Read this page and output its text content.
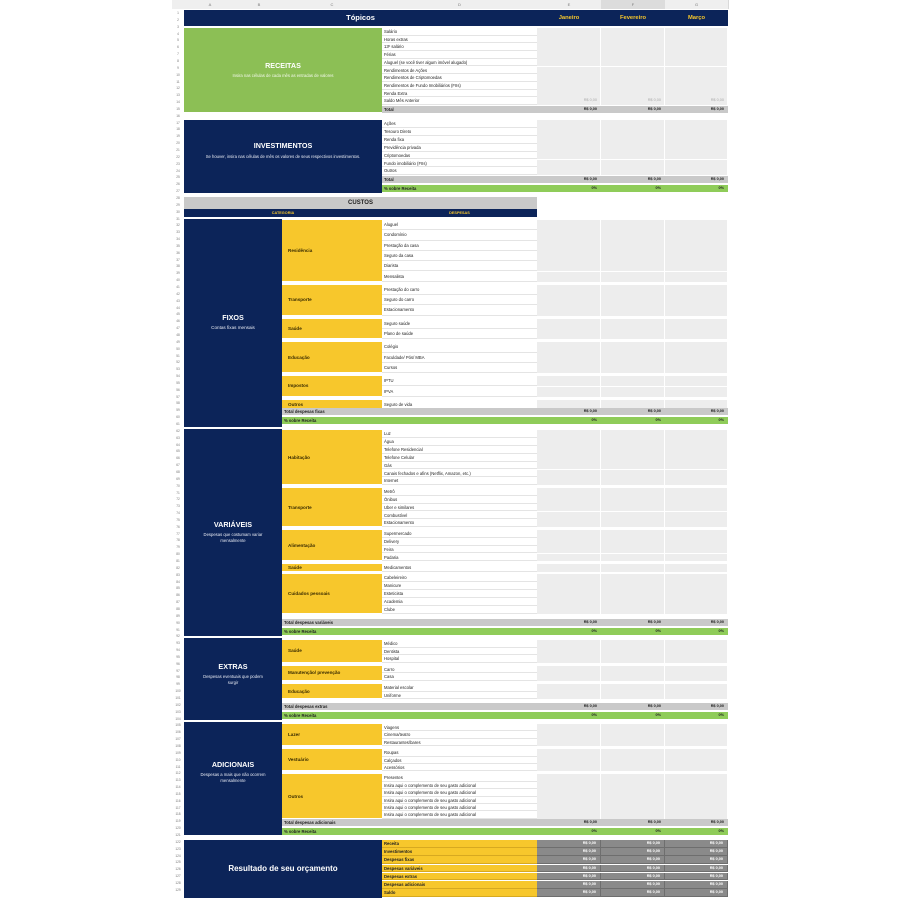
A	B	C	D	E	F	G
Tópicos	Janeiro	Fevereiro	Março
RECEITAS
Insira nas células de cada mês as entradas de valores
Salário
Horas extras
13º salário
Férias
Aluguel (se você tiver algum imóvel alugado)
Rendimentos de Ações
Rendimentos de Criptomoedas
Rendimentos de Fundo Imobiliários (FIIs)
Renda Extra
Saldo Mês Anterior	R$ 0,00	R$ 0,00	R$ 0,00
Total	R$ 0,00	R$ 0,00	R$ 0,00
INVESTIMENTOS
Se houver, insira nas células de mês os valores de seus respectivos investimentos.
Ações
Tesouro Direto
Renda fixa
Previdência privada
Criptomoedas
Fundo imobiliário (FIIs)
Outros
Total	R$ 0,00	R$ 0,00	R$ 0,00
% sobre Receita	0%	0%	0%
CUSTOS
CATEGORIA	DESPESAS
FIXOS
Contas fixas mensais
VARIÁVEIS
Despesas que costumam variar mensalmente
EXTRAS
Despesas eventuais que podem surgir
ADICIONAIS
Despesas a mais que não ocorrem mensalmente
Residência
Aluguel
Condomínio
Prestação da casa
Seguro da casa
Diarista
Mensalista
Transporte
Prestação do carro
Seguro do carro
Estacionamento
Saúde
Seguro saúde
Plano de saúde
Educação
Colégio
Faculdade/ Pós/ MBA
Cursos
Impostos
IPTU
IPVA
Outros	Seguro de vida
Total despesas fixas	R$ 0,00	R$ 0,00	R$ 0,00
% sobre Receita	0%	0%	0%
Habitação
Luz
Água
Telefone Residencial
Telefone Celular
Gás
Canais fechados e afins (Netflix, Amazon, etc.)
Internet
Transporte
Metrô
Ônibus
Uber e similares
Combustível
Estacionamento
Alimentação
Supermercado
Delivery
Feira
Padaria
Saúde	Medicamentos
Cuidados pessoais
Cabeleireiro
Manicure
Esteticista
Academia
Clube
Total despesas variáveis	R$ 0,00	R$ 0,00	R$ 0,00
% sobre Receita	0%	0%	0%
Saúde
Médico
Dentista
Hospital
Manutenção/ prevenção
Carro
Casa
Educação
Material escolar
Uniforme
Total despesas extras	R$ 0,00	R$ 0,00	R$ 0,00
% sobre Receita	0%	0%	0%
Lazer
Viagens
Cinema/teatro
Restaurantes/bares
Vestuário
Roupas
Calçados
Acessórios
Outros
Presentes
Insira aqui o complemento de seu gasto adicional
Insira aqui o complemento de seu gasto adicional
Insira aqui o complemento de seu gasto adicional
Insira aqui o complemento de seu gasto adicional
Insira aqui o complemento de seu gasto adicional
Total despesas adicionais	R$ 0,00	R$ 0,00	R$ 0,00
% sobre Receita	0%	0%	0%
Resultado de seu orçamento
Receita	R$ 0,00	R$ 0,00	R$ 0,00
Investimentos	R$ 0,00	R$ 0,00	R$ 0,00
Despesas fixas	R$ 0,00	R$ 0,00	R$ 0,00
Despesas variáveis	R$ 0,00	R$ 0,00	R$ 0,00
Despesas extras	R$ 0,00	R$ 0,00	R$ 0,00
Despesas adicionais	R$ 0,00	R$ 0,00	R$ 0,00
Saldo	R$ 0,00	R$ 0,00	R$ 0,00
1
2
3
4
5
6
7
8
9
10
11
12
13
14
15
16
17
18
19
20
21
22
23
24
25
26
27
28
29
30
31
32
33
34
35
36
37
38
39
40
41
42
43
44
45
46
47
48
49
50
51
52
53
54
55
56
57
58
59
60
61
62
63
64
65
66
67
68
69
70
71
72
73
74
75
76
77
78
79
80
81
82
83
84
85
86
87
88
89
90
91
92
93
94
95
96
97
98
99
100
101
102
103
104
105
106
107
108
109
110
111
112
113
114
115
116
117
118
119
120
121
122
123
124
125
126
127
128
129
